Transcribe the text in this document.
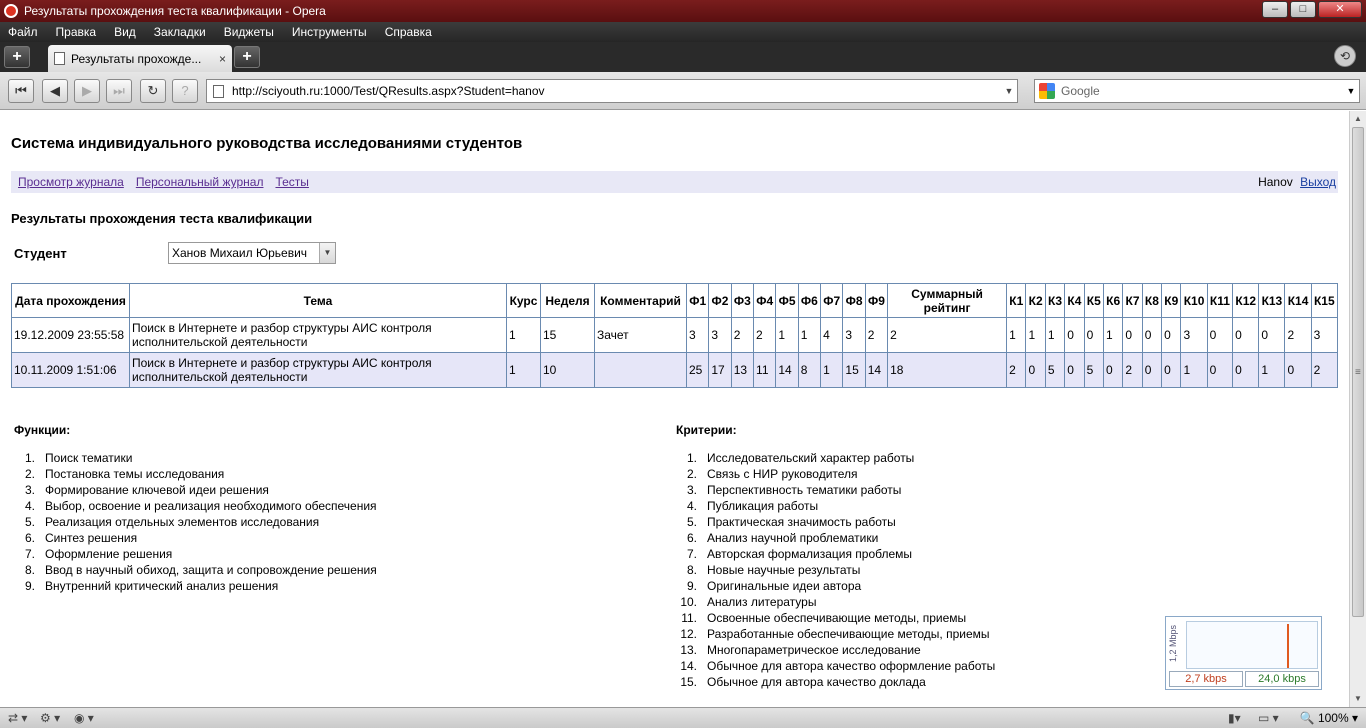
Результаты прохождения теста квалификации - Opera	–	□	✕
Файл Правка Вид Закладки Виджеты Инструменты Справка
+	Результаты прохожде...	×	+	⟲
⏮	◀	▶	⏭	↻	?	http://sciyouth.ru:1000/Test/QResults.aspx?Student=hanov	▼	Google	▼
Система индивидуального руководства исследованиями студентов
Просмотр журнала Персональный журнал Тесты	Hanov Выход
Результаты прохождения теста квалификации
Студент	Ханов Михаил Юрьевич	▼
Дата прохождения	Тема	Курс	Неделя	Комментарий	Ф1	Ф2	Ф3	Ф4	Ф5	Ф6	Ф7	Ф8	Ф9	Суммарный рейтинг	К1	К2	К3	К4	К5	К6	К7	К8	К9	К10	К11	К12	К13	К14	К15
19.12.2009 23:55:58	Поиск в Интернете и разбор структуры АИС контроля исполнительской деятельности	1	15	Зачет	3	3	2	2	1	1	4	3	2	2	1	1	1	0	0	1	0	0	0	3	0	0	0	2	3
10.11.2009 1:51:06	Поиск в Интернете и разбор структуры АИС контроля исполнительской деятельности	1	10		25	17	13	11	14	8	1	15	14	18	2	0	5	0	5	0	2	0	0	1	0	0	1	0	2
Функции:
1. Поиск тематики
2. Постановка темы исследования
3. Формирование ключевой идеи решения
4. Выбор, освоение и реализация необходимого обеспечения
5. Реализация отдельных элементов исследования
6. Синтез решения
7. Оформление решения
8. Ввод в научный обиход, защита и сопровождение решения
9. Внутренний критический анализ решения
Критерии:
1. Исследовательский характер работы
2. Связь с НИР руководителя
3. Перспективность тематики работы
4. Публикация работы
5. Практическая значимость работы
6. Анализ научной проблематики
7. Авторская формализация проблемы
8. Новые научные результаты
9. Оригинальные идеи автора
10. Анализ литературы
11. Освоенные обеспечивающие методы, приемы
12. Разработанные обеспечивающие методы, приемы
13. Многопараметрическое исследование
14. Обычное для автора качество оформление работы
15. Обычное для автора качество доклада
1,2 Mbps
2,7 kbps	24,0 kbps
▲
≡
▼
⇄ ▾ ⚙ ▾ ◉ ▾	▮▾ ▭ ▾ 🔍 100% ▾
